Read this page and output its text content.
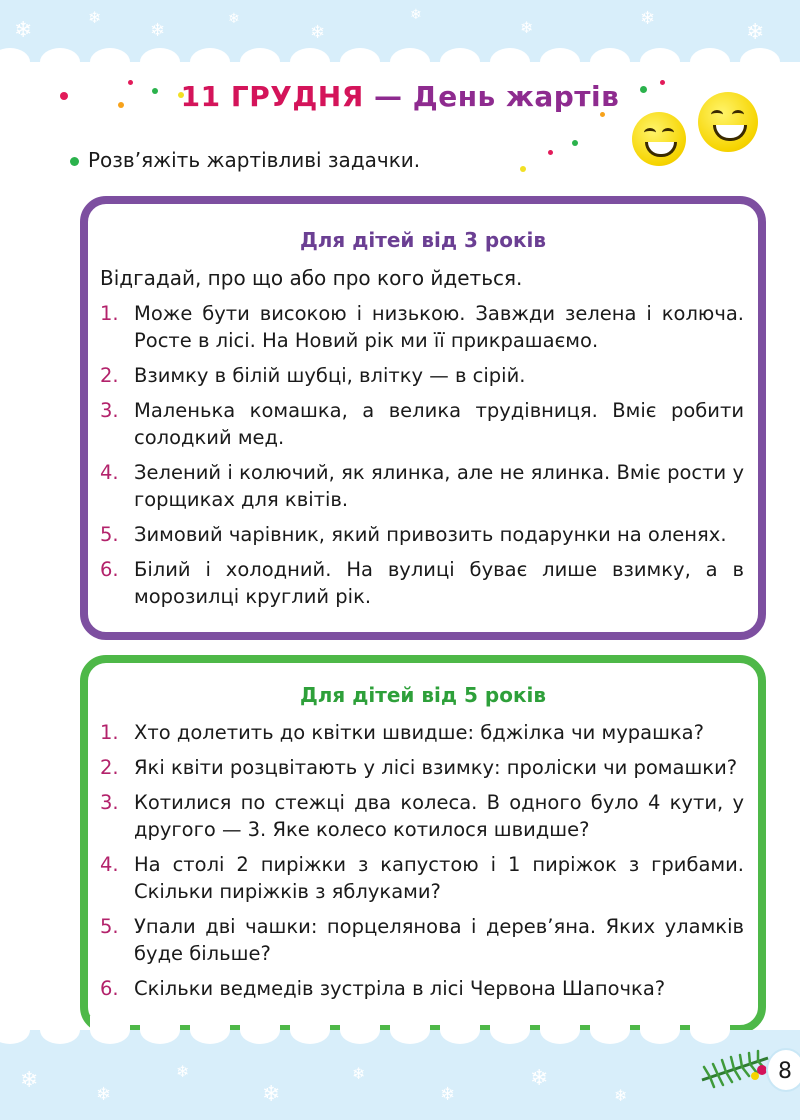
❄
❄
❄
❄
❄
❄
❄	❄
❄
11 ГРУДНЯ — День жартів
Розв’яжіть жартівливі задачки.
Для дітей від 3 років
Відгадай, про що або про кого йдеться.
1. Може бути високою і низькою. Завжди зелена і колюча. Росте в лісі. На Новий рік ми її прикрашаємо.
2. Взимку в білій шубці, влітку — в сірій.
3. Маленька комашка, а велика трудівниця. Вміє робити солодкий мед.
4. Зелений і колючий, як ялинка, але не ялинка. Вміє рости у горщиках для квітів.
5. Зимовий чарівник, який привозить подарунки на оленях.
6. Білий і холодний. На вулиці буває лише взимку, а в морозилці круглий рік.
Для дітей від 5 років
1. Хто долетить до квітки швидше: бджілка чи мурашка?
2. Які квіти розцвітають у лісі взимку: проліски чи ромашки?
3. Котилися по стежці два колеса. В одного було 4 кути, у другого — 3. Яке колесо котилося швидше?
4. На столі 2 пиріжки з капустою і 1 пиріжок з грибами. Скільки пиріжків з яблуками?
5. Упали дві чашки: порцелянова і дерев’яна. Яких уламків буде більше?
6. Скільки ведмедів зустріла в лісі Червона Шапочка?
❄
❄
❄
❄
❄
❄
❄
❄
8
